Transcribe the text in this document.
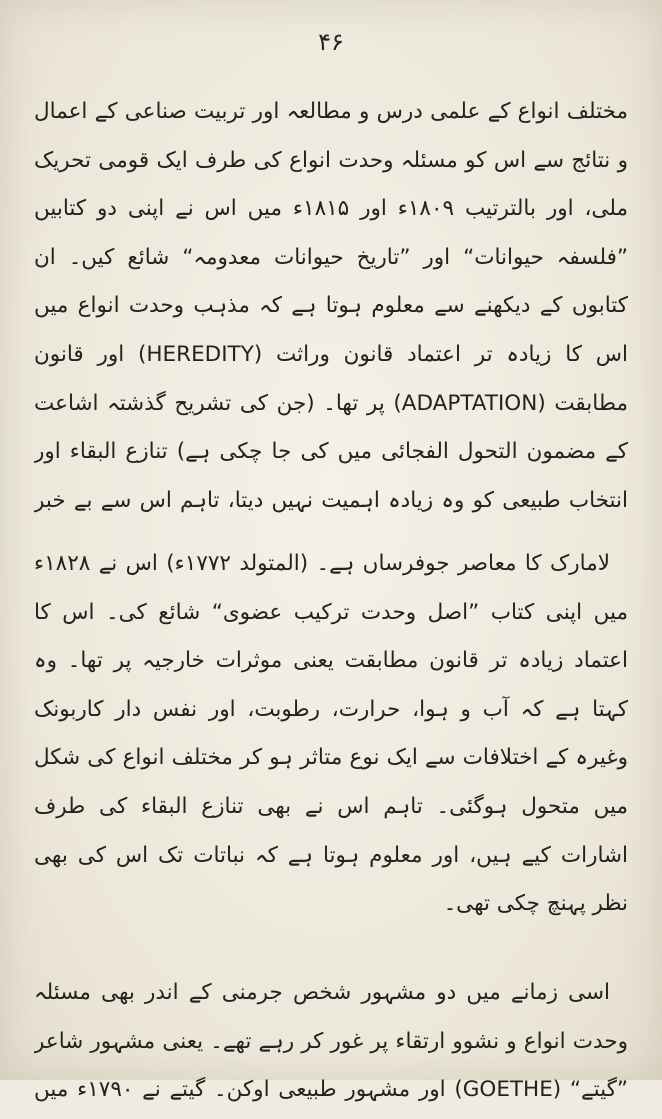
۴۶

مختلف انواع کے علمی درس و مطالعہ اور تربیت صناعی کے اعمال و نتائج سے اس کو مسئلہ وحدت انواع کی طرف ایک قومی تحریک ملی، اور بالترتیب ۱۸۰۹ء اور ۱۸۱۵ء میں اس نے اپنی دو کتابیں ”فلسفہ حیوانات“ اور ”تاریخ حیوانات معدومہ“ شائع کیں۔ ان کتابوں کے دیکھنے سے معلوم ہوتا ہے کہ مذہب وحدت انواع میں اس کا زیادہ تر اعتماد قانون وراثت (HEREDITY) اور قانون مطابقت (ADAPTATION) پر تھا۔ (جن کی تشریح گذشتہ اشاعت کے مضمون التحول الفجائی میں کی جا چکی ہے) تنازع البقاء اور انتخاب طبیعی کو وہ زیادہ اہمیت نہیں دیتا، تاہم اس سے بے خبر

لامارک کا معاصر جوفرساں ہے۔ (المتولد ۱۷۷۲ء) اس نے ۱۸۲۸ء میں اپنی کتاب ”اصل وحدت ترکیب عضوی“ شائع کی۔ اس کا اعتماد زیادہ تر قانون مطابقت یعنی موثرات خارجیہ پر تھا۔ وہ کہتا ہے کہ آب و ہوا، حرارت، رطوبت، اور نفس دار کاربونک وغیرہ کے اختلافات سے ایک نوع متاثر ہو کر مختلف انواع کی شکل میں متحول ہوگئی۔ تاہم اس نے بھی تنازع البقاء کی طرف اشارات کیے ہیں، اور معلوم ہوتا ہے کہ نباتات تک اس کی بھی نظر پہنچ چکی تھی۔

اسی زمانے میں دو مشہور شخص جرمنی کے اندر بھی مسئلہ وحدت انواع و نشوو ارتقاء پر غور کر رہے تھے۔ یعنی مشہور شاعر ”گیتے“ (GOETHE) اور مشہور طبیعی اوکن۔ گیتے نے ۱۷۹۰ء میں
